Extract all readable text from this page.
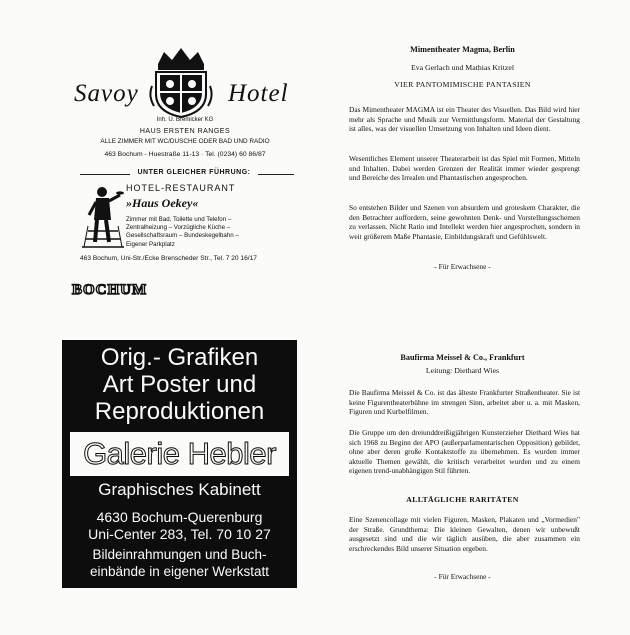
Savoy	Hotel
Inh. U. Bremicker KG
HAUS ERSTEN RANGES
ALLE ZIMMER MIT WC/DUSCHE ODER BAD UND RADIO
463 Bochum - Huestraße 11-13 · Tel. (0234) 60 86/87
UNTER GLEICHER FÜHRUNG:
HOTEL-RESTAURANT
»Haus Oekey«
Zimmer mit Bad, Toilette und Telefon –
Zentralheizung – Vorzügliche Küche –
Gesellschaftsraum – Bundeskegelbahn –
Eigener Parkplatz
463 Bochum, Uni-Str./Ecke Brenscheder Str., Tel. 7 20 16/17
BOCHUM
Orig.- Grafiken
Art Poster und
Reproduktionen
Galerie Hebler
Graphisches Kabinett
4630 Bochum-Querenburg
Uni-Center 283, Tel. 70 10 27
Bildeinrahmungen und Buch-
einbände in eigener Werkstatt
Mimentheater Magma, Berlin
Eva Gerlach und Mathias Kritzel
VIER PANTOMIMISCHE PANTASIEN

Das Mimentheater MAGMA ist ein Theater des Visuellen. Das Bild wird hier mehr als Sprache und Musik zur Vermittlungsform. Material der Gestaltung ist alles, was der visuellen Umsetzung von Inhalten und Ideen dient.

Wesentliches Element unserer Theaterarbeit ist das Spiel mit Formen, Mitteln und Inhalten. Dabei werden Grenzen der Realität immer wieder gesprengt und Bereiche des Irrealen und Phantastischen angesprochen.

So entstehen Bilder und Szenen von absurdem und groteskem Charakter, die den Betrachter auffordern, seine gewohnten Denk- und Vorstellungsschemen zu verlassen. Nicht Ratio und Intellekt werden hier angesprochen, sondern in weit größerem Maße Phantasie, Einbildungskraft und Gefühlswelt.

- Für Erwachsene -
Baufirma Meissel & Co., Frankfurt
Leitung: Diethard Wies

Die Baufirma Meissel & Co. ist das älteste Frankfurter Straßentheater. Sie ist keine Figurentheaterbühne im strengen Sinn, arbeitet aber u. a. mit Masken, Figuren und Kurbelfilmen.

Die Gruppe um den dreiunddreißigjährigen Kunsterzieher Diethard Wies hat sich 1968 zu Beginn der APO (außerparlamentarischen Opposition) gebildet, ohne aber deren große Kontaktstoffe zu übernehmen. Es wurden immer aktuelle Themen gewählt, die kritisch verarbeitet wurden und zu einem eigenen trend-unabhängigen Stil führten.

ALLTÄGLICHE RARITÄTEN

Eine Szenencollage mit vielen Figuren, Masken, Plakaten und „Vormedien" der Straße. Grundthema: Die kleinen Gewalten, denen wir unbewußt ausgesetzt sind und die wir täglich ausüben, die aber zusammen ein erschreckendes Bild unserer Situation ergeben.

- Für Erwachsene -
